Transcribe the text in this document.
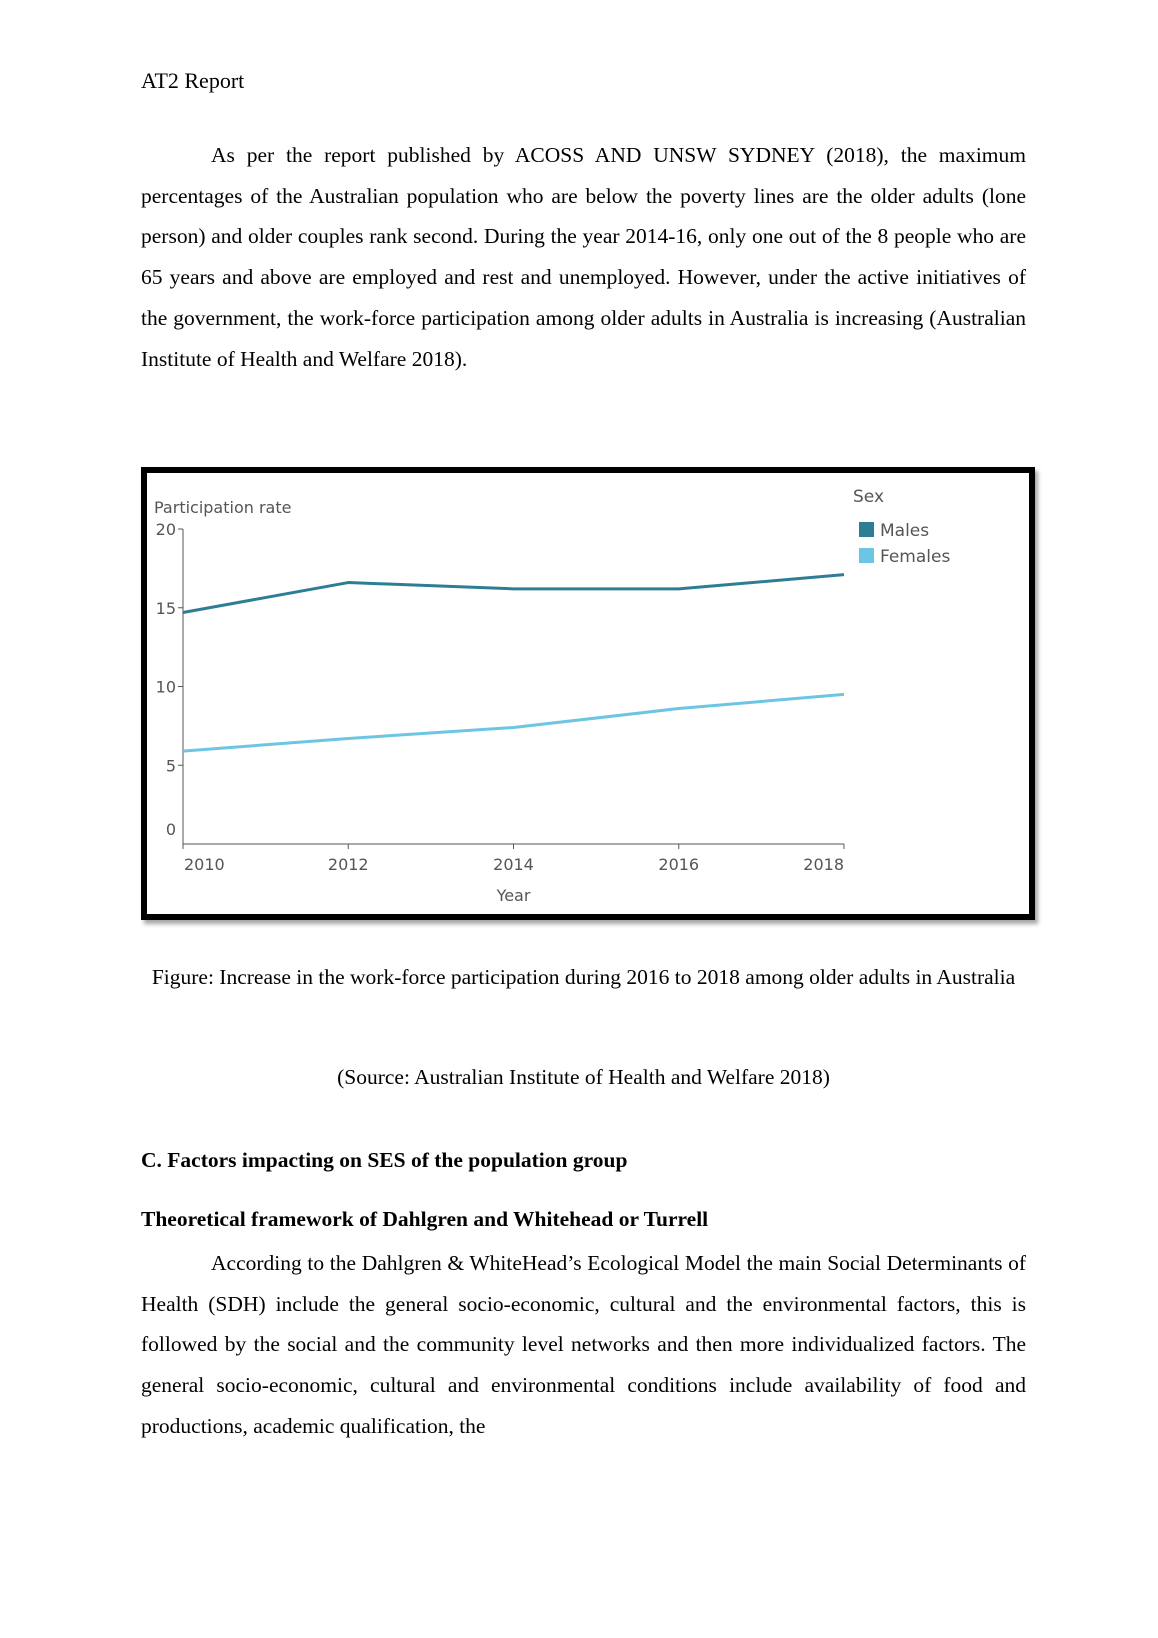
AT2 Report

As per the report published by ACOSS AND UNSW SYDNEY (2018), the maximum percentages of the Australian population who are below the poverty lines are the older adults (lone person) and older couples rank second. During the year 2014-16, only one out of the 8 people who are 65 years and above are employed and rest and unemployed. However, under the active initiatives of the government, the work-force participation among older adults in Australia is increasing (Australian Institute of Health and Welfare 2018).

Participation rate
0
5
10
15
20
2010	2012	2014	2016	2018
Year
Sex
Males
Females

Figure: Increase in the work-force participation during 2016 to 2018 among older adults in Australia

(Source: Australian Institute of Health and Welfare 2018)

C. Factors impacting on SES of the population group
Theoretical framework of Dahlgren and Whitehead or Turrell

According to the Dahlgren & WhiteHead’s Ecological Model the main Social Determinants of Health (SDH) include the general socio-economic, cultural and the environmental factors, this is followed by the social and the community level networks and then more individualized factors. The general socio-economic, cultural and environmental conditions include availability of food and productions, academic qualification, the
